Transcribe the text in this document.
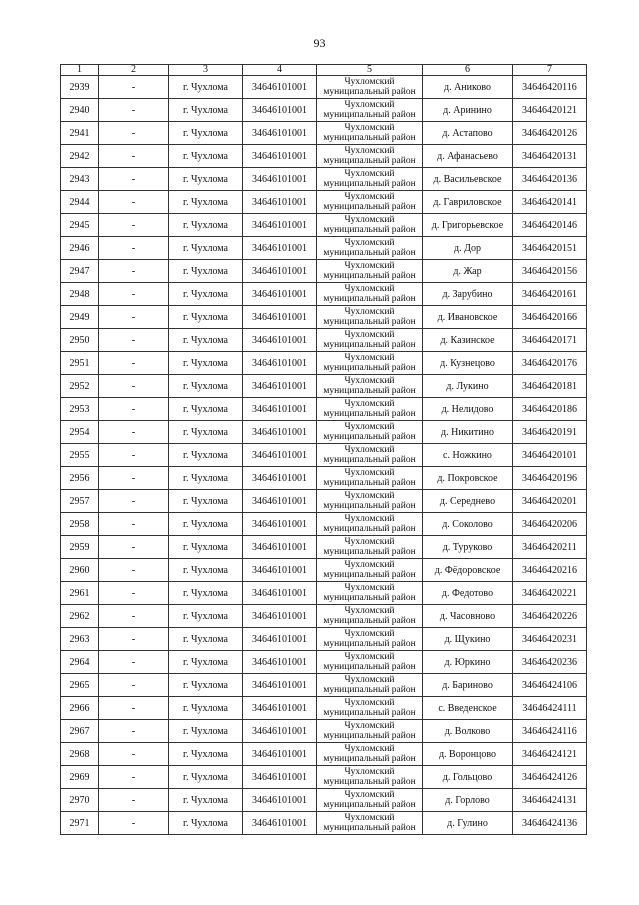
93
1	2	3	4	5	6	7
2939	-	г. Чухлома	34646101001	Чухломский
муниципальный район	д. Аниково	34646420116
2940	-	г. Чухлома	34646101001	Чухломский
муниципальный район	д. Аринино	34646420121
2941	-	г. Чухлома	34646101001	Чухломский
муниципальный район	д. Астапово	34646420126
2942	-	г. Чухлома	34646101001	Чухломский
муниципальный район	д. Афанасьево	34646420131
2943	-	г. Чухлома	34646101001	Чухломский
муниципальный район	д. Васильевское	34646420136
2944	-	г. Чухлома	34646101001	Чухломский
муниципальный район	д. Гавриловское	34646420141
2945	-	г. Чухлома	34646101001	Чухломский
муниципальный район	д. Григорьевское	34646420146
2946	-	г. Чухлома	34646101001	Чухломский
муниципальный район	д. Дор	34646420151
2947	-	г. Чухлома	34646101001	Чухломский
муниципальный район	д. Жар	34646420156
2948	-	г. Чухлома	34646101001	Чухломский
муниципальный район	д. Зарубино	34646420161
2949	-	г. Чухлома	34646101001	Чухломский
муниципальный район	д. Ивановское	34646420166
2950	-	г. Чухлома	34646101001	Чухломский
муниципальный район	д. Казинское	34646420171
2951	-	г. Чухлома	34646101001	Чухломский
муниципальный район	д. Кузнецово	34646420176
2952	-	г. Чухлома	34646101001	Чухломский
муниципальный район	д. Лукино	34646420181
2953	-	г. Чухлома	34646101001	Чухломский
муниципальный район	д. Нелидово	34646420186
2954	-	г. Чухлома	34646101001	Чухломский
муниципальный район	д. Никитино	34646420191
2955	-	г. Чухлома	34646101001	Чухломский
муниципальный район	с. Ножкино	34646420101
2956	-	г. Чухлома	34646101001	Чухломский
муниципальный район	д. Покровское	34646420196
2957	-	г. Чухлома	34646101001	Чухломский
муниципальный район	д. Середнево	34646420201
2958	-	г. Чухлома	34646101001	Чухломский
муниципальный район	д. Соколово	34646420206
2959	-	г. Чухлома	34646101001	Чухломский
муниципальный район	д. Туруково	34646420211
2960	-	г. Чухлома	34646101001	Чухломский
муниципальный район	д. Фёдоровское	34646420216
2961	-	г. Чухлома	34646101001	Чухломский
муниципальный район	д. Федотово	34646420221
2962	-	г. Чухлома	34646101001	Чухломский
муниципальный район	д. Часовново	34646420226
2963	-	г. Чухлома	34646101001	Чухломский
муниципальный район	д. Щукино	34646420231
2964	-	г. Чухлома	34646101001	Чухломский
муниципальный район	д. Юркино	34646420236
2965	-	г. Чухлома	34646101001	Чухломский
муниципальный район	д. Бариново	34646424106
2966	-	г. Чухлома	34646101001	Чухломский
муниципальный район	с. Введенское	34646424111
2967	-	г. Чухлома	34646101001	Чухломский
муниципальный район	д. Волково	34646424116
2968	-	г. Чухлома	34646101001	Чухломский
муниципальный район	д. Воронцово	34646424121
2969	-	г. Чухлома	34646101001	Чухломский
муниципальный район	д. Гольцово	34646424126
2970	-	г. Чухлома	34646101001	Чухломский
муниципальный район	д. Горлово	34646424131
2971	-	г. Чухлома	34646101001	Чухломский
муниципальный район	д. Гулино	34646424136
